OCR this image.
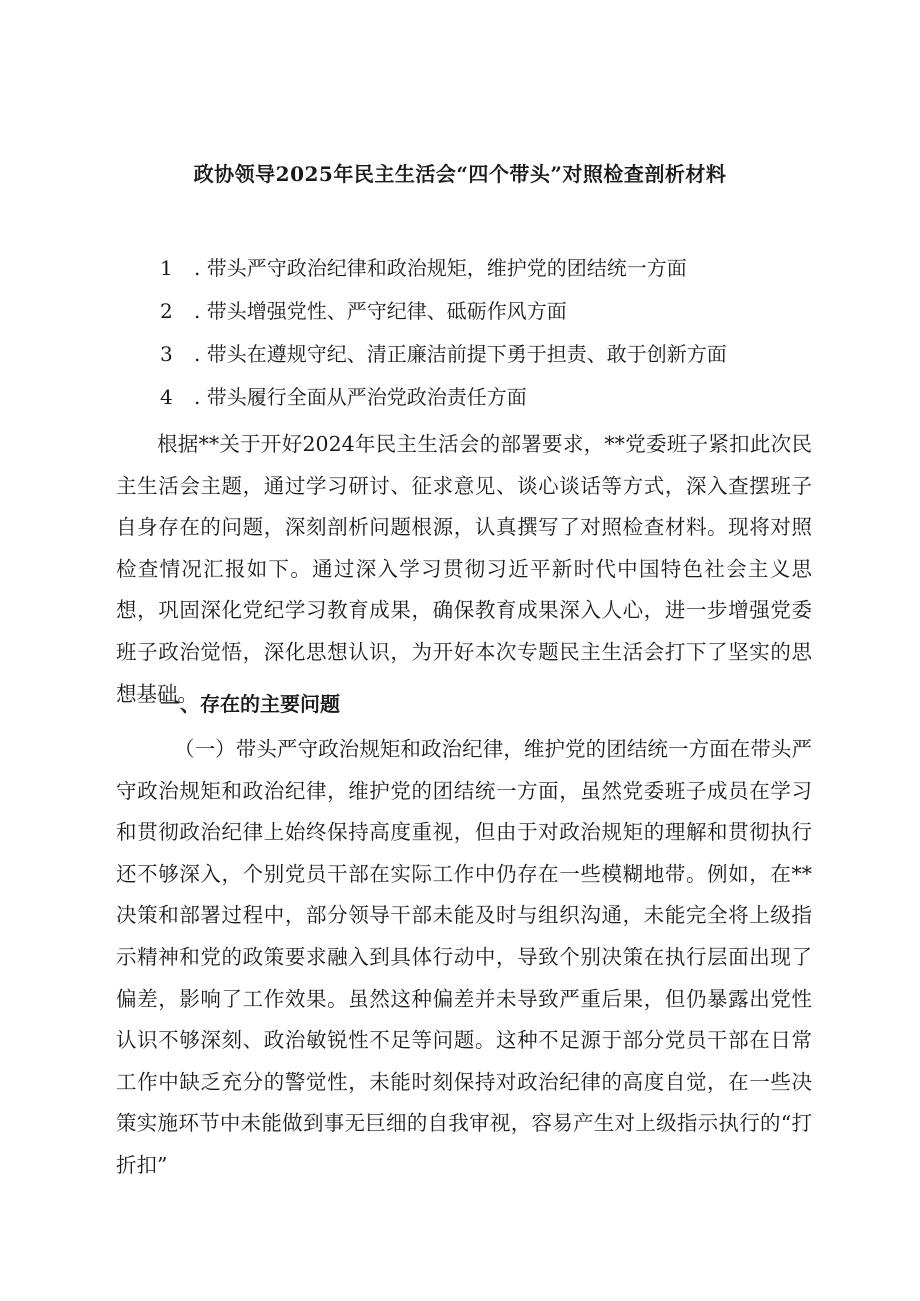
政协领导2025年民主生活会“四个带头”对照检查剖析材料
1 . 带头严守政治纪律和政治规矩，维护党的团结统一方面
2 . 带头增强党性、严守纪律、砥砺作风方面
3 . 带头在遵规守纪、清正廉洁前提下勇于担责、敢于创新方面
4 . 带头履行全面从严治党政治责任方面

根据**关于开好2024年民主生活会的部署要求，**党委班子紧扣此次民主生活会主题，通过学习研讨、征求意见、谈心谈话等方式，深入查摆班子自身存在的问题，深刻剖析问题根源，认真撰写了对照检查材料。现将对照检查情况汇报如下。通过深入学习贯彻习近平新时代中国特色社会主义思想，巩固深化党纪学习教育成果，确保教育成果深入人心，进一步增强党委班子政治觉悟，深化思想认识，为开好本次专题民主生活会打下了坚实的思想基础。

一、存在的主要问题

（一）带头严守政治规矩和政治纪律，维护党的团结统一方面在带头严守政治规矩和政治纪律，维护党的团结统一方面，虽然党委班子成员在学习和贯彻政治纪律上始终保持高度重视，但由于对政治规矩的理解和贯彻执行还不够深入，个别党员干部在实际工作中仍存在一些模糊地带。例如，在**决策和部署过程中，部分领导干部未能及时与组织沟通，未能完全将上级指示精神和党的政策要求融入到具体行动中，导致个别决策在执行层面出现了偏差，影响了工作效果。虽然这种偏差并未导致严重后果，但仍暴露出党性认识不够深刻、政治敏锐性不足等问题。这种不足源于部分党员干部在日常工作中缺乏充分的警觉性，未能时刻保持对政治纪律的高度自觉，在一些决策实施环节中未能做到事无巨细的自我审视，容易产生对上级指示执行的“打折扣”
